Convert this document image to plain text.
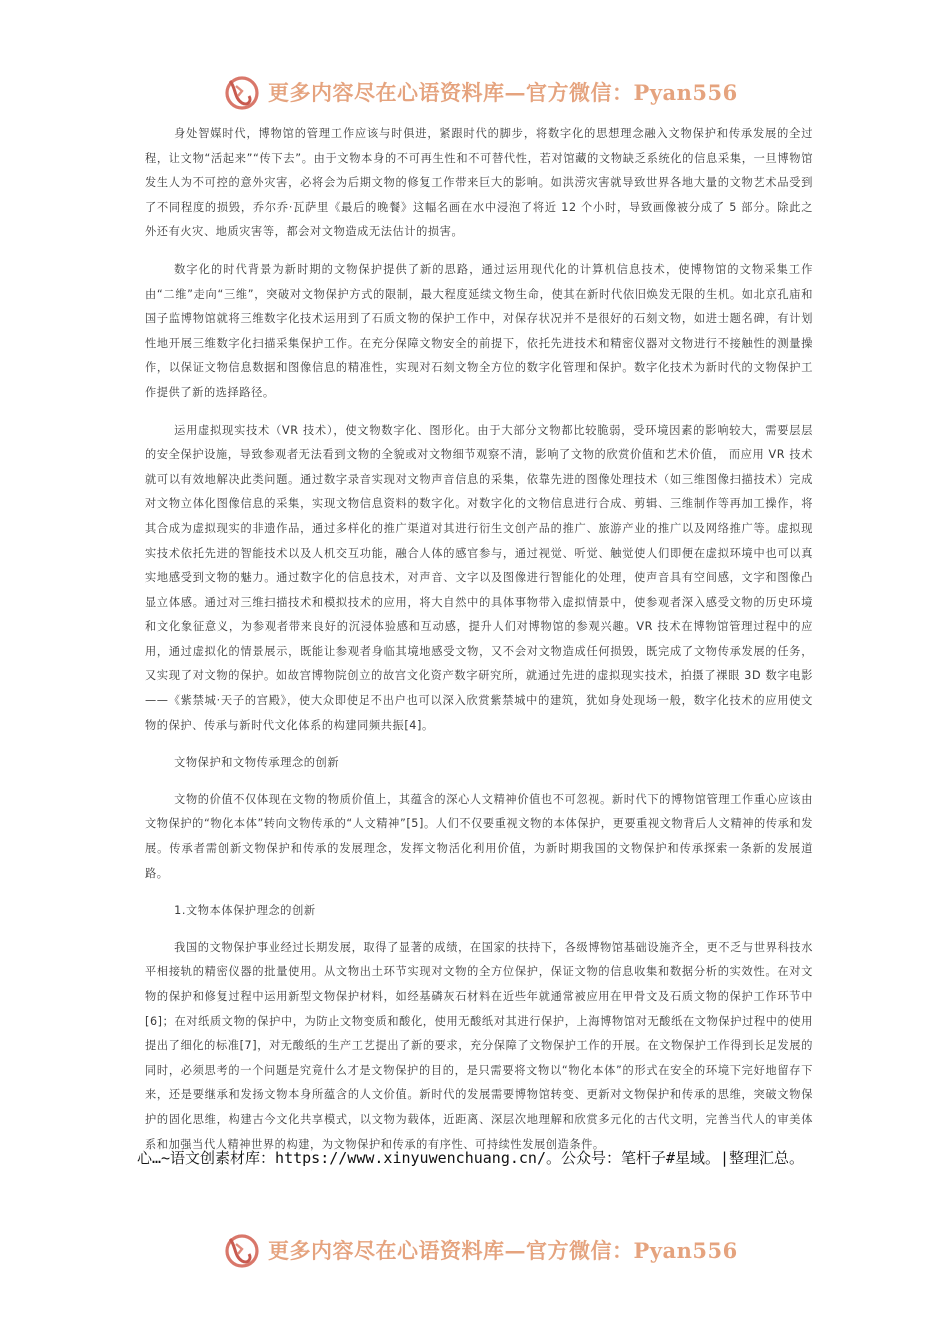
更多内容尽在心语资料库—官方微信：Pyan556

身处智媒时代，博物馆的管理工作应该与时俱进，紧跟时代的脚步，将数字化的思想理念融入文物保护和传承发展的全过程，让文物“活起来”“传下去”。由于文物本身的不可再生性和不可替代性，若对馆藏的文物缺乏系统化的信息采集，一旦博物馆发生人为不可控的意外灾害，必将会为后期文物的修复工作带来巨大的影响。如洪涝灾害就导致世界各地大量的文物艺术品受到了不同程度的损毁，乔尔乔·瓦萨里《最后的晚餐》这幅名画在水中浸泡了将近 12 个小时，导致画像被分成了 5 部分。除此之外还有火灾、地质灾害等，都会对文物造成无法估计的损害。

数字化的时代背景为新时期的文物保护提供了新的思路，通过运用现代化的计算机信息技术，使博物馆的文物采集工作由“二维”走向“三维”，突破对文物保护方式的限制，最大程度延续文物生命，使其在新时代依旧焕发无限的生机。如北京孔庙和国子监博物馆就将三维数字化技术运用到了石质文物的保护工作中，对保存状况并不是很好的石刻文物，如进士题名碑，有计划性地开展三维数字化扫描采集保护工作。在充分保障文物安全的前提下，依托先进技术和精密仪器对文物进行不接触性的测量操作，以保证文物信息数据和图像信息的精准性，实现对石刻文物全方位的数字化管理和保护。数字化技术为新时代的文物保护工作提供了新的选择路径。

运用虚拟现实技术（VR 技术），使文物数字化、图形化。由于大部分文物都比较脆弱，受环境因素的影响较大，需要层层的安全保护设施，导致参观者无法看到文物的全貌或对文物细节观察不清，影响了文物的欣赏价值和艺术价值， 而应用 VR 技术就可以有效地解决此类问题。通过数字录音实现对文物声音信息的采集，依靠先进的图像处理技术（如三维图像扫描技术）完成对文物立体化图像信息的采集，实现文物信息资料的数字化。对数字化的文物信息进行合成、剪辑、三维制作等再加工操作，将其合成为虚拟现实的非遗作品，通过多样化的推广渠道对其进行衍生文创产品的推广、旅游产业的推广以及网络推广等。虚拟现实技术依托先进的智能技术以及人机交互功能，融合人体的感官参与，通过视觉、听觉、触觉使人们即便在虚拟环境中也可以真实地感受到文物的魅力。通过数字化的信息技术，对声音、文字以及图像进行智能化的处理，使声音具有空间感，文字和图像凸显立体感。通过对三维扫描技术和模拟技术的应用，将大自然中的具体事物带入虚拟情景中，使参观者深入感受文物的历史环境和文化象征意义，为参观者带来良好的沉浸体验感和互动感，提升人们对博物馆的参观兴趣。VR 技术在博物馆管理过程中的应用，通过虚拟化的情景展示，既能让参观者身临其境地感受文物，又不会对文物造成任何损毁，既完成了文物传承发展的任务，又实现了对文物的保护。如故宫博物院创立的故宫文化资产数字研究所，就通过先进的虚拟现实技术，拍摄了裸眼 3D 数字电影——《紫禁城·天子的宫殿》，使大众即使足不出户也可以深入欣赏紫禁城中的建筑，犹如身处现场一般，数字化技术的应用使文物的保护、传承与新时代文化体系的构建同频共振[4]。

文物保护和文物传承理念的创新

文物的价值不仅体现在文物的物质价值上，其蕴含的深心人文精神价值也不可忽视。新时代下的博物馆管理工作重心应该由文物保护的“物化本体”转向文物传承的“人文精神”[5]。人们不仅要重视文物的本体保护，更要重视文物背后人文精神的传承和发展。传承者需创新文物保护和传承的发展理念，发挥文物活化利用价值，为新时期我国的文物保护和传承探索一条新的发展道路。

1.文物本体保护理念的创新

我国的文物保护事业经过长期发展，取得了显著的成绩，在国家的扶持下，各级博物馆基础设施齐全，更不乏与世界科技水平相接轨的精密仪器的批量使用。从文物出土环节实现对文物的全方位保护，保证文物的信息收集和数据分析的实效性。在对文物的保护和修复过程中运用新型文物保护材料，如经基磷灰石材料在近些年就通常被应用在甲骨文及石质文物的保护工作环节中[6]；在对纸质文物的保护中，为防止文物变质和酸化，使用无酸纸对其进行保护，上海博物馆对无酸纸在文物保护过程中的使用提出了细化的标准[7]，对无酸纸的生产工艺提出了新的要求，充分保障了文物保护工作的开展。在文物保护工作得到长足发展的同时，必须思考的一个问题是究竟什么才是文物保护的目的，是只需要将文物以“物化本体”的形式在安全的环境下完好地留存下来，还是要继承和发扬文物本身所蕴含的人文价值。新时代的发展需要博物馆转变、更新对文物保护和传承的思维，突破文物保护的固化思维，构建古今文化共享模式，以文物为载体，近距离、深层次地理解和欣赏多元化的古代文明，完善当代人的审美体系和加强当代人精神世界的构建，为文物保护和传承的有序性、可持续性发展创造条件。

心…~语文创素材库：https://www.xinyuwenchuang.cn/。公众号：笔杆子#星域。|整理汇总。
更多内容尽在心语资料库—官方微信：Pyan556
